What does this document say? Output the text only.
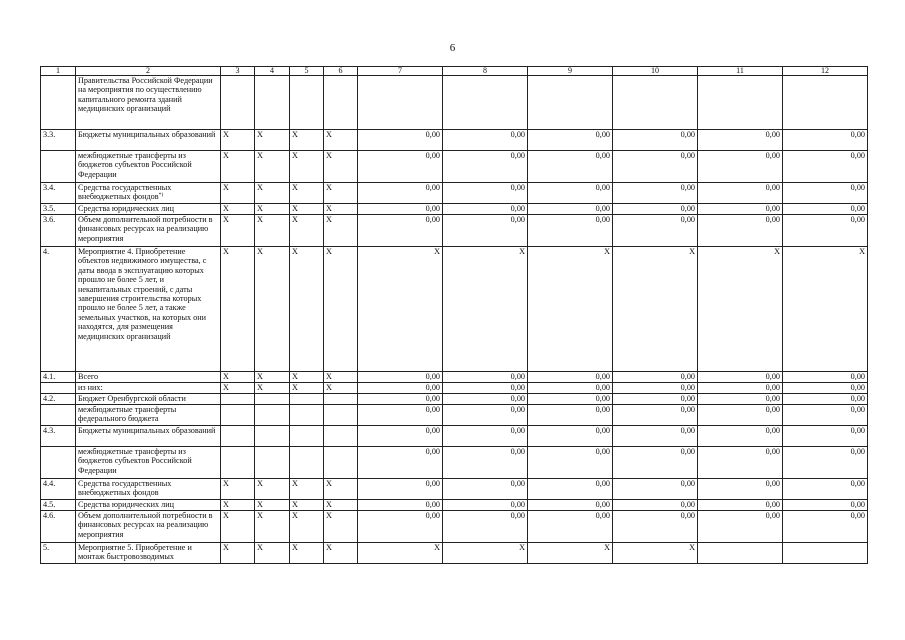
6
1	2	3	4	5	6	7	8	9	10	11	12
	Правительства Российской Федерации на мероприятия по осуществлению капитального ремонта зданий медицинских организаций										
3.3.	Бюджеты муниципальных образований	X	X	X	X	0,00	0,00	0,00	0,00	0,00	0,00
	межбюджетные трансферты из бюджетов субъектов Российской Федерации	X	X	X	X	0,00	0,00	0,00	0,00	0,00	0,00
3.4.	Средства государственных внебюджетных фондов*)	X	X	X	X	0,00	0,00	0,00	0,00	0,00	0,00
3.5.	Средства юридических лиц	X	X	X	X	0,00	0,00	0,00	0,00	0,00	0,00
3.6.	Объем дополнительной потребности в финансовых ресурсах на реализацию мероприятия	X	X	X	X	0,00	0,00	0,00	0,00	0,00	0,00
4.	Мероприятие 4. Приобретение объектов недвижимого имущества, с даты ввода в эксплуатацию которых прошло не более 5 лет, и некапитальных строений, с даты завершения строительства которых прошло не более 5 лет, а также земельных участков, на которых они находятся, для размещения медицинских организаций	X	X	X	X	X	X	X	X	X	X
4.1.	Всего	X	X	X	X	0,00	0,00	0,00	0,00	0,00	0,00
	из них:	X	X	X	X	0,00	0,00	0,00	0,00	0,00	0,00
4.2.	Бюджет Оренбургской области					0,00	0,00	0,00	0,00	0,00	0,00
	межбюджетные трансферты федерального бюджета					0,00	0,00	0,00	0,00	0,00	0,00
4.3.	Бюджеты муниципальных образований					0,00	0,00	0,00	0,00	0,00	0,00
	межбюджетные трансферты из бюджетов субъектов Российской Федерации					0,00	0,00	0,00	0,00	0,00	0,00
4.4.	Средства государственных внебюджетных фондов	X	X	X	X	0,00	0,00	0,00	0,00	0,00	0,00
4.5.	Средства юридических лиц	X	X	X	X	0,00	0,00	0,00	0,00	0,00	0,00
4.6.	Объем дополнительной потребности в финансовых ресурсах на реализацию мероприятия	X	X	X	X	0,00	0,00	0,00	0,00	0,00	0,00
5.	Мероприятие 5. Приобретение и монтаж быстровозводимых	X	X	X	X	X	X	X	X		
